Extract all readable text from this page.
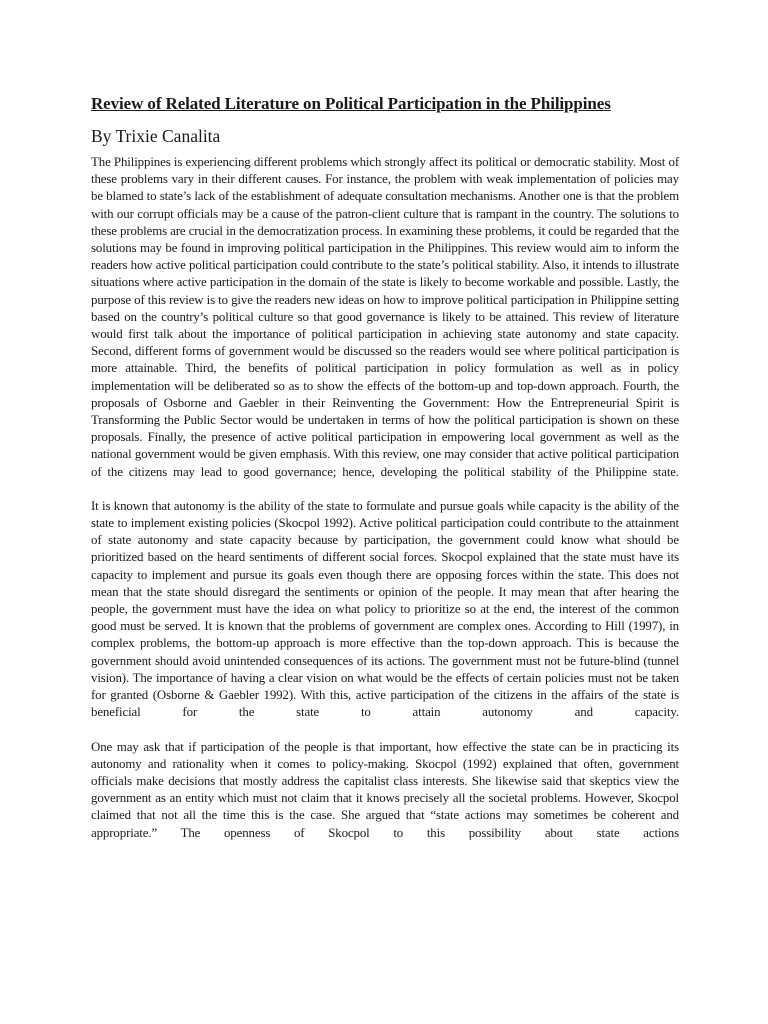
Review of Related Literature on Political Participation in the Philippines
By Trixie Canalita

The Philippines is experiencing different problems which strongly affect its political or democratic stability. Most of these problems vary in their different causes. For instance, the problem with weak implementation of policies may be blamed to state’s lack of the establishment of adequate consultation mechanisms. Another one is that the problem with our corrupt officials may be a cause of the patron-client culture that is rampant in the country. The solutions to these problems are crucial in the democratization process. In examining these problems, it could be regarded that the solutions may be found in improving political participation in the Philippines. This review would aim to inform the readers how active political participation could contribute to the state’s political stability. Also, it intends to illustrate situations where active participation in the domain of the state is likely to become workable and possible. Lastly, the purpose of this review is to give the readers new ideas on how to improve political participation in Philippine setting based on the country’s political culture so that good governance is likely to be attained. This review of literature would first talk about the importance of political participation in achieving state autonomy and state capacity. Second, different forms of government would be discussed so the readers would see where political participation is more attainable. Third, the benefits of political participation in policy formulation as well as in policy implementation will be deliberated so as to show the effects of the bottom-up and top-down approach. Fourth, the proposals of Osborne and Gaebler in their Reinventing the Government: How the Entrepreneurial Spirit is Transforming the Public Sector would be undertaken in terms of how the political participation is shown on these proposals. Finally, the presence of active political participation in empowering local government as well as the national government would be given emphasis. With this review, one may consider that active political participation of the citizens may lead to good governance; hence, developing the political stability of the Philippine state.

It is known that autonomy is the ability of the state to formulate and pursue goals while capacity is the ability of the state to implement existing policies (Skocpol 1992). Active political participation could contribute to the attainment of state autonomy and state capacity because by participation, the government could know what should be prioritized based on the heard sentiments of different social forces. Skocpol explained that the state must have its capacity to implement and pursue its goals even though there are opposing forces within the state. This does not mean that the state should disregard the sentiments or opinion of the people. It may mean that after hearing the people, the government must have the idea on what policy to prioritize so at the end, the interest of the common good must be served. It is known that the problems of government are complex ones. According to Hill (1997), in complex problems, the bottom-up approach is more effective than the top-down approach. This is because the government should avoid unintended consequences of its actions. The government must not be future-blind (tunnel vision). The importance of having a clear vision on what would be the effects of certain policies must not be taken for granted (Osborne & Gaebler 1992). With this, active participation of the citizens in the affairs of the state is beneficial for the state to attain autonomy and capacity.

One may ask that if participation of the people is that important, how effective the state can be in practicing its autonomy and rationality when it comes to policy-making. Skocpol (1992) explained that often, government officials make decisions that mostly address the capitalist class interests. She likewise said that skeptics view the government as an entity which must not claim that it knows precisely all the societal problems. However, Skocpol claimed that not all the time this is the case. She argued that “state actions may sometimes be coherent and appropriate.” The openness of Skocpol to this possibility about state actions
